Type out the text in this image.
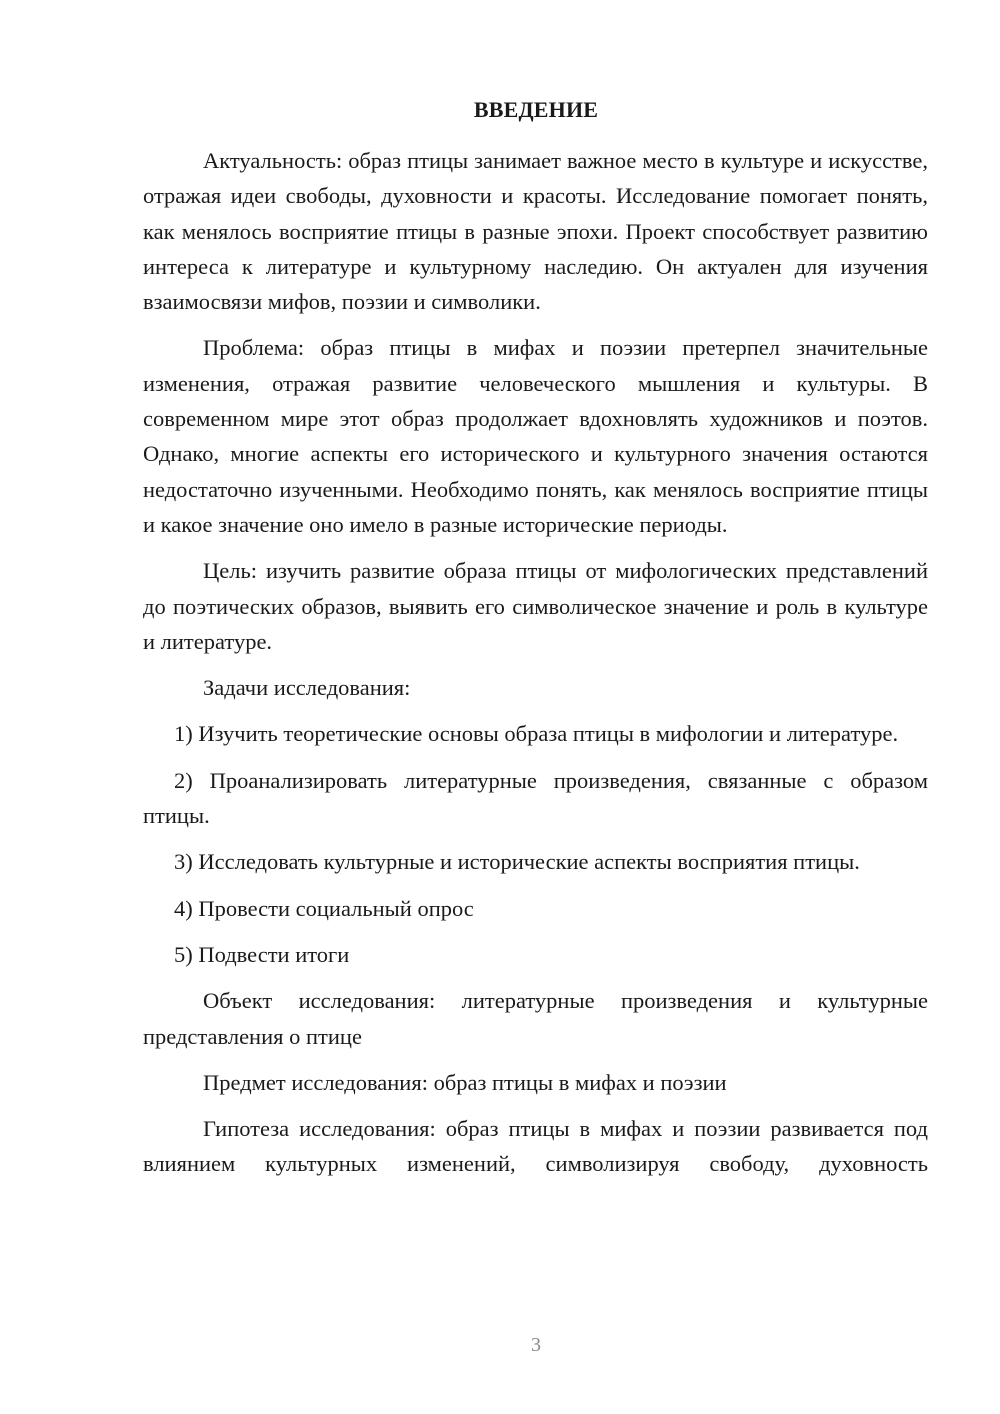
ВВЕДЕНИЕ

Актуальность: образ птицы занимает важное место в культуре и искусстве, отражая идеи свободы, духовности и красоты. Исследование помогает понять, как менялось восприятие птицы в разные эпохи. Проект способствует развитию интереса к литературе и культурному наследию. Он актуален для изучения взаимосвязи мифов, поэзии и символики.

Проблема: образ птицы в мифах и поэзии претерпел значительные изменения, отражая развитие человеческого мышления и культуры. В современном мире этот образ продолжает вдохновлять художников и поэтов. Однако, многие аспекты его исторического и культурного значения остаются недостаточно изученными. Необходимо понять, как менялось восприятие птицы и какое значение оно имело в разные исторические периоды.

Цель: изучить развитие образа птицы от мифологических представлений до поэтических образов, выявить его символическое значение и роль в культуре и литературе.

Задачи исследования:

1) Изучить теоретические основы образа птицы в мифологии и литературе.

2) Проанализировать литературные произведения, связанные с образом птицы.

3) Исследовать культурные и исторические аспекты восприятия птицы.

4) Провести социальный опрос

5) Подвести итоги

Объект исследования: литературные произведения и культурные представления о птице

Предмет исследования: образ птицы в мифах и поэзии

Гипотеза исследования: образ птицы в мифах и поэзии развивается под влиянием культурных изменений, символизируя свободу, духовность

3
